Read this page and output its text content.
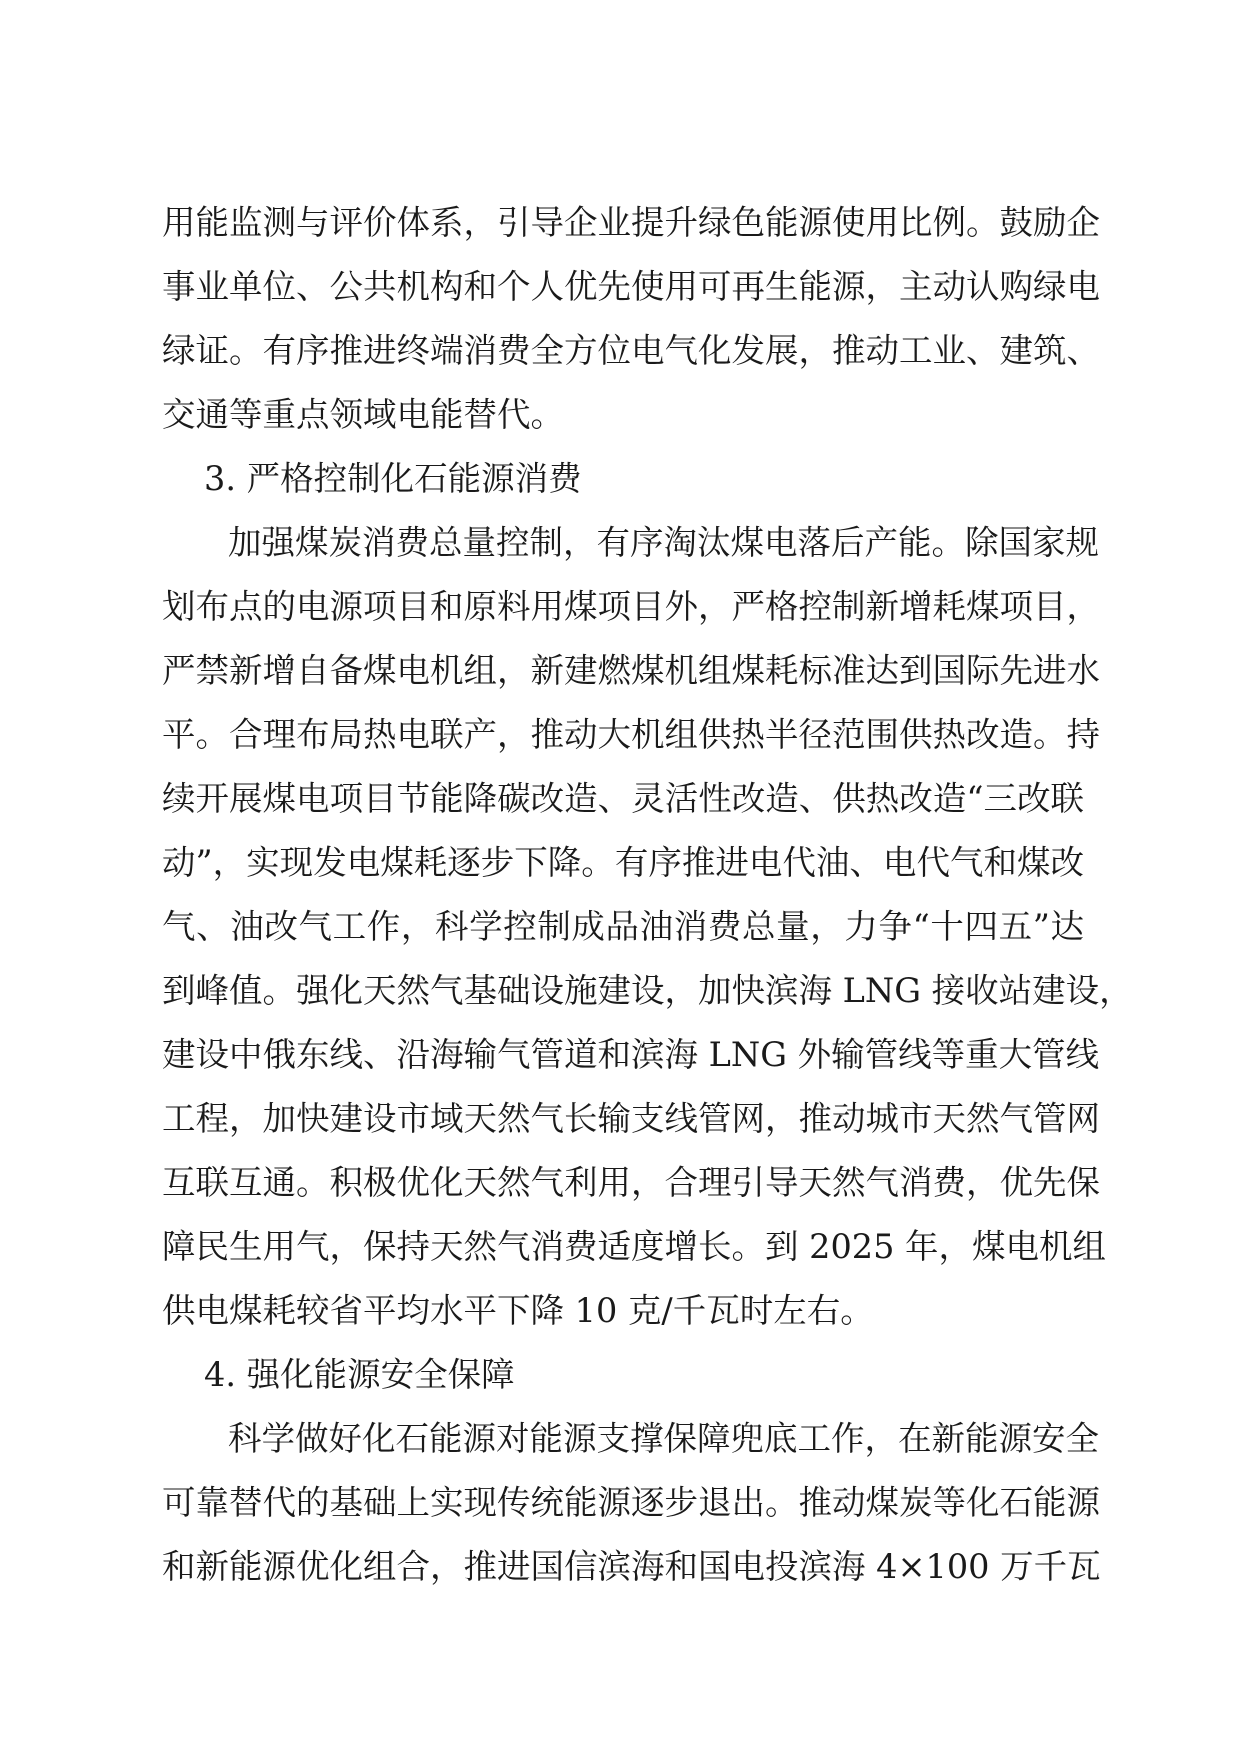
用能监测与评价体系，引导企业提升绿色能源使用比例。鼓励企
事业单位、公共机构和个人优先使用可再生能源，主动认购绿电
绿证。有序推进终端消费全方位电气化发展，推动工业、建筑、
交通等重点领域电能替代。
3. 严格控制化石能源消费
加强煤炭消费总量控制，有序淘汰煤电落后产能。除国家规
划布点的电源项目和原料用煤项目外，严格控制新增耗煤项目，
严禁新增自备煤电机组，新建燃煤机组煤耗标准达到国际先进水
平。合理布局热电联产，推动大机组供热半径范围供热改造。持
续开展煤电项目节能降碳改造、灵活性改造、供热改造“三改联
动”，实现发电煤耗逐步下降。有序推进电代油、电代气和煤改
气、油改气工作，科学控制成品油消费总量，力争“十四五”达
到峰值。强化天然气基础设施建设，加快滨海 LNG 接收站建设，
建设中俄东线、沿海输气管道和滨海 LNG 外输管线等重大管线
工程，加快建设市域天然气长输支线管网，推动城市天然气管网
互联互通。积极优化天然气利用，合理引导天然气消费，优先保
障民生用气，保持天然气消费适度增长。到 2025 年，煤电机组
供电煤耗较省平均水平下降 10 克/千瓦时左右。
4. 强化能源安全保障
科学做好化石能源对能源支撑保障兜底工作，在新能源安全
可靠替代的基础上实现传统能源逐步退出。推动煤炭等化石能源
和新能源优化组合，推进国信滨海和国电投滨海 4×100 万千瓦
